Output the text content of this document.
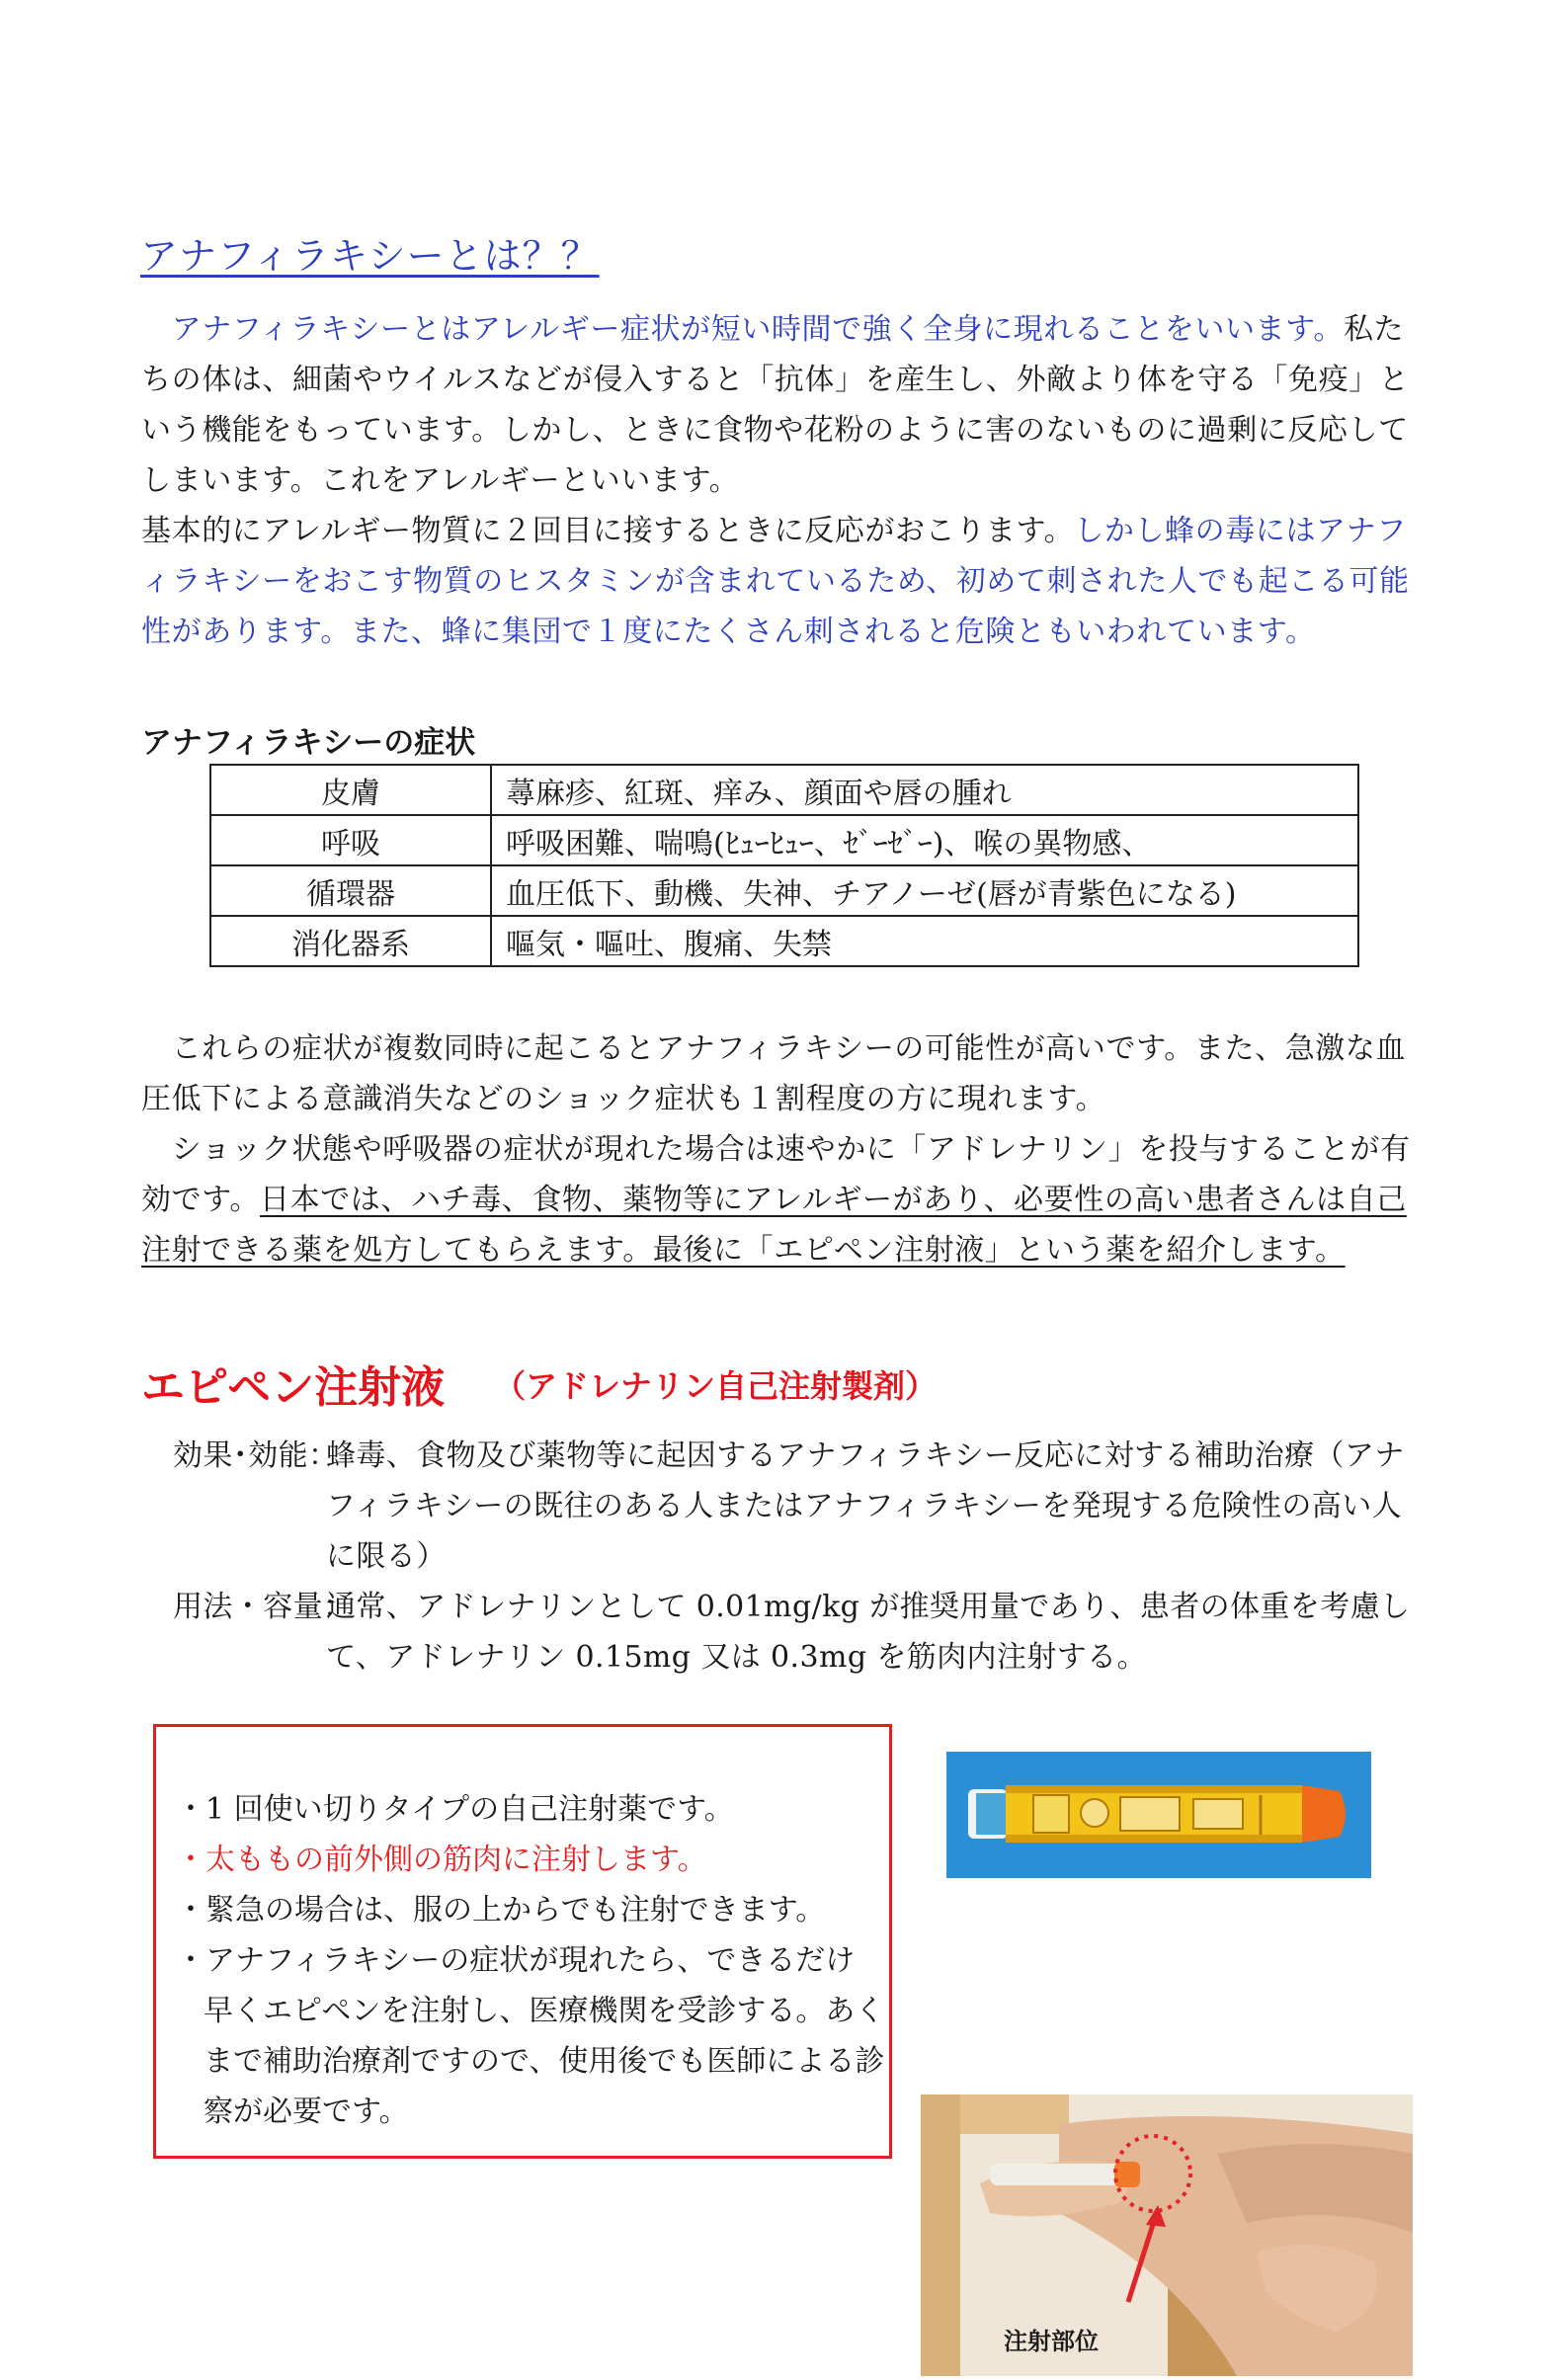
アナフィラキシーとは？？
　アナフィラキシーとはアレルギー症状が短い時間で強く全身に現れることをいいます。私たちの体は、細菌やウイルスなどが侵入すると「抗体」を産生し、外敵より体を守る「免疫」という機能をもっています。しかし、ときに食物や花粉のように害のないものに過剰に反応してしまいます。これをアレルギーといいます。
基本的にアレルギー物質に２回目に接するときに反応がおこります。しかし蜂の毒にはアナフィラキシーをおこす物質のヒスタミンが含まれているため、初めて刺された人でも起こる可能性があります。また、蜂に集団で１度にたくさん刺されると危険ともいわれています。
アナフィラキシーの症状
皮膚	蕁麻疹、紅斑、痒み、顔面や唇の腫れ
呼吸	呼吸困難、喘鳴(ﾋｭｰﾋｭｰ、ｾﾞｰｾﾞｰ)、喉の異物感、
循環器	血圧低下、動機、失神、チアノーゼ(唇が青紫色になる)
消化器系	嘔気・嘔吐、腹痛、失禁
　これらの症状が複数同時に起こるとアナフィラキシーの可能性が高いです。また、急激な血圧低下による意識消失などのショック症状も１割程度の方に現れます。
　ショック状態や呼吸器の症状が現れた場合は速やかに「アドレナリン」を投与することが有効です。日本では、ハチ毒、食物、薬物等にアレルギーがあり、必要性の高い患者さんは自己注射できる薬を処方してもらえます。最後に「エピペン注射液」という薬を紹介します。
エピペン注射液 （アドレナリン自己注射製剤）
効果･効能：
蜂毒、食物及び薬物等に起因するアナフィラキシー反応に対する補助治療（アナフィラキシーの既往のある人またはアナフィラキシーを発現する危険性の高い人に限る）
用法・容量：
通常、アドレナリンとして 0.01mg/kg が推奨用量であり、患者の体重を考慮して、アドレナリン 0.15mg 又は 0.3mg を筋肉内注射する。
・1 回使い切りタイプの自己注射薬です。
・太ももの前外側の筋肉に注射します。
・緊急の場合は、服の上からでも注射できます。
・アナフィラキシーの症状が現れたら、できるだけ
早くエピペンを注射し、医療機関を受診する。あくまで補助治療剤ですので、使用後でも医師による診察が必要です。
注射部位
